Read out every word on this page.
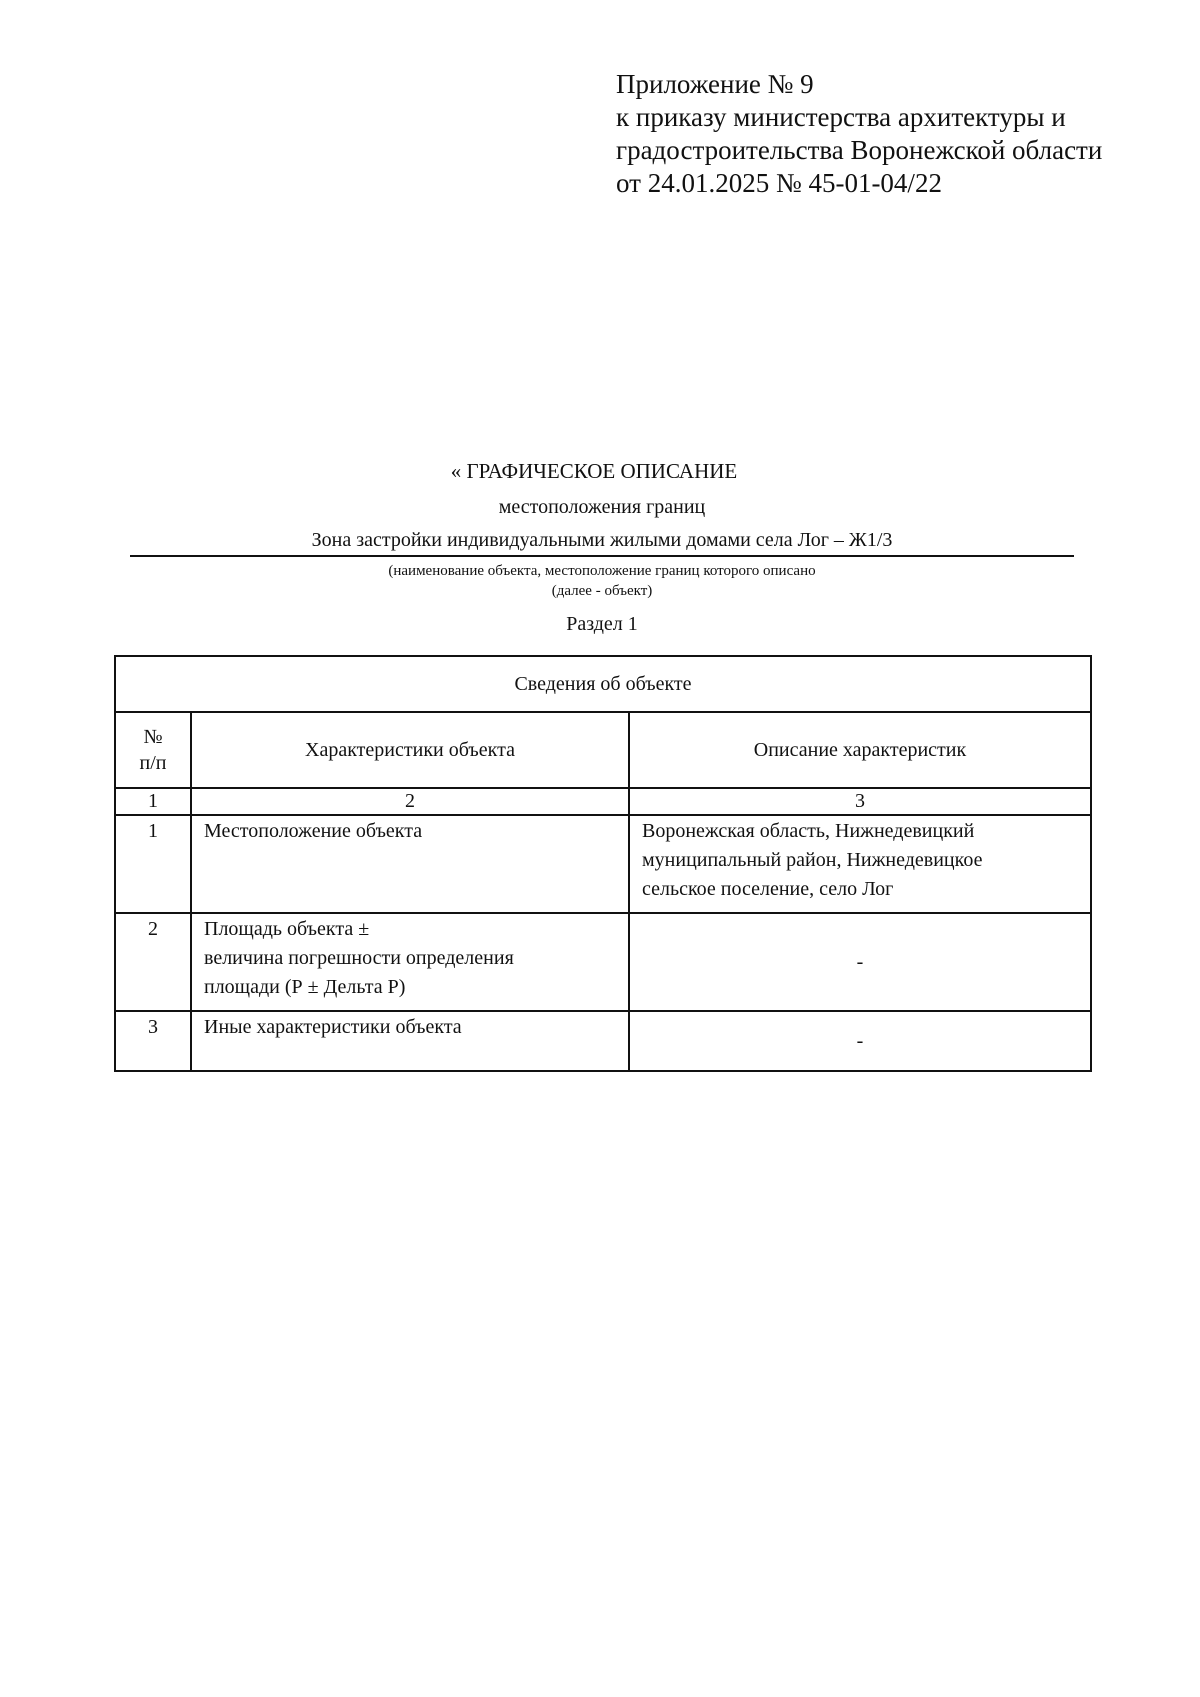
Приложение № 9
к приказу министерства архитектуры и
градостроительства Воронежской области
от 24.01.2025 № 45-01-04/22
« ГРАФИЧЕСКОЕ ОПИСАНИЕ
местоположения границ
Зона застройки индивидуальными жилыми домами села Лог – Ж1/3
(наименование объекта, местоположение границ которого описано
(далее - объект)
Раздел 1
Сведения об объекте		

№
п/п	Характеристики объекта	Описание характеристик
1	2	3
1	Местоположение объекта	Воронежская область, Нижнедевицкий
муниципальный район, Нижнедевицкое
сельское поселение, село Лог

2	Площадь объекта ±
величина погрешности определения
площади (Р ± Дельта Р)	-
3	Иные характеристики объекта	-
